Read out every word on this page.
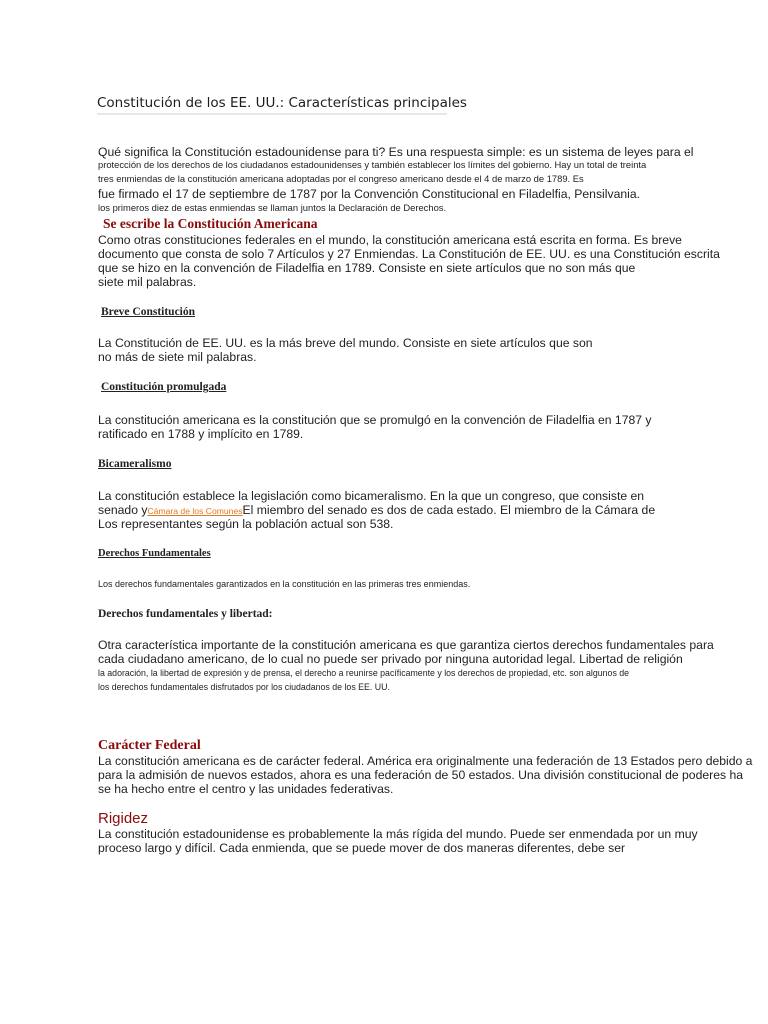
Constitución de los EE. UU.: Características principales
Qué significa la Constitución estadounidense para ti? Es una respuesta simple: es un sistema de leyes para el
protección de los derechos de los ciudadanos estadounidenses y también establecer los límites del gobierno. Hay un total de treinta
tres enmiendas de la constitución americana adoptadas por el congreso americano desde el 4 de marzo de 1789. Es
fue firmado el 17 de septiembre de 1787 por la Convención Constitucional en Filadelfia, Pensilvania.
los primeros diez de estas enmiendas se llaman juntos la Declaración de Derechos.
Se escribe la Constitución Americana
Como otras constituciones federales en el mundo, la constitución americana está escrita en forma. Es breve
documento que consta de solo 7 Artículos y 27 Enmiendas. La Constitución de EE. UU. es una Constitución escrita
que se hizo en la convención de Filadelfia en 1789. Consiste en siete artículos que no son más que
siete mil palabras.
Breve Constitución
La Constitución de EE. UU. es la más breve del mundo. Consiste en siete artículos que son
no más de siete mil palabras.
Constitución promulgada
La constitución americana es la constitución que se promulgó en la convención de Filadelfia en 1787 y
ratificado en 1788 y implícito en 1789.
Bicameralismo
La constitución establece la legislación como bicameralismo. En la que un congreso, que consiste en
senado yCámara de los ComunesEl miembro del senado es dos de cada estado. El miembro de la Cámara de
Los representantes según la población actual son 538.
Derechos Fundamentales
Los derechos fundamentales garantizados en la constitución en las primeras tres enmiendas.
Derechos fundamentales y libertad:
Otra característica importante de la constitución americana es que garantiza ciertos derechos fundamentales para
cada ciudadano americano, de lo cual no puede ser privado por ninguna autoridad legal. Libertad de religión
la adoración, la libertad de expresión y de prensa, el derecho a reunirse pacíficamente y los derechos de propiedad, etc. son algunos de
los derechos fundamentales disfrutados por los ciudadanos de los EE. UU.
Carácter Federal
La constitución americana es de carácter federal. América era originalmente una federación de 13 Estados pero debido a
para la admisión de nuevos estados, ahora es una federación de 50 estados. Una división constitucional de poderes ha
se ha hecho entre el centro y las unidades federativas.
Rigidez
La constitución estadounidense es probablemente la más rígida del mundo. Puede ser enmendada por un muy
proceso largo y difícil. Cada enmienda, que se puede mover de dos maneras diferentes, debe ser
